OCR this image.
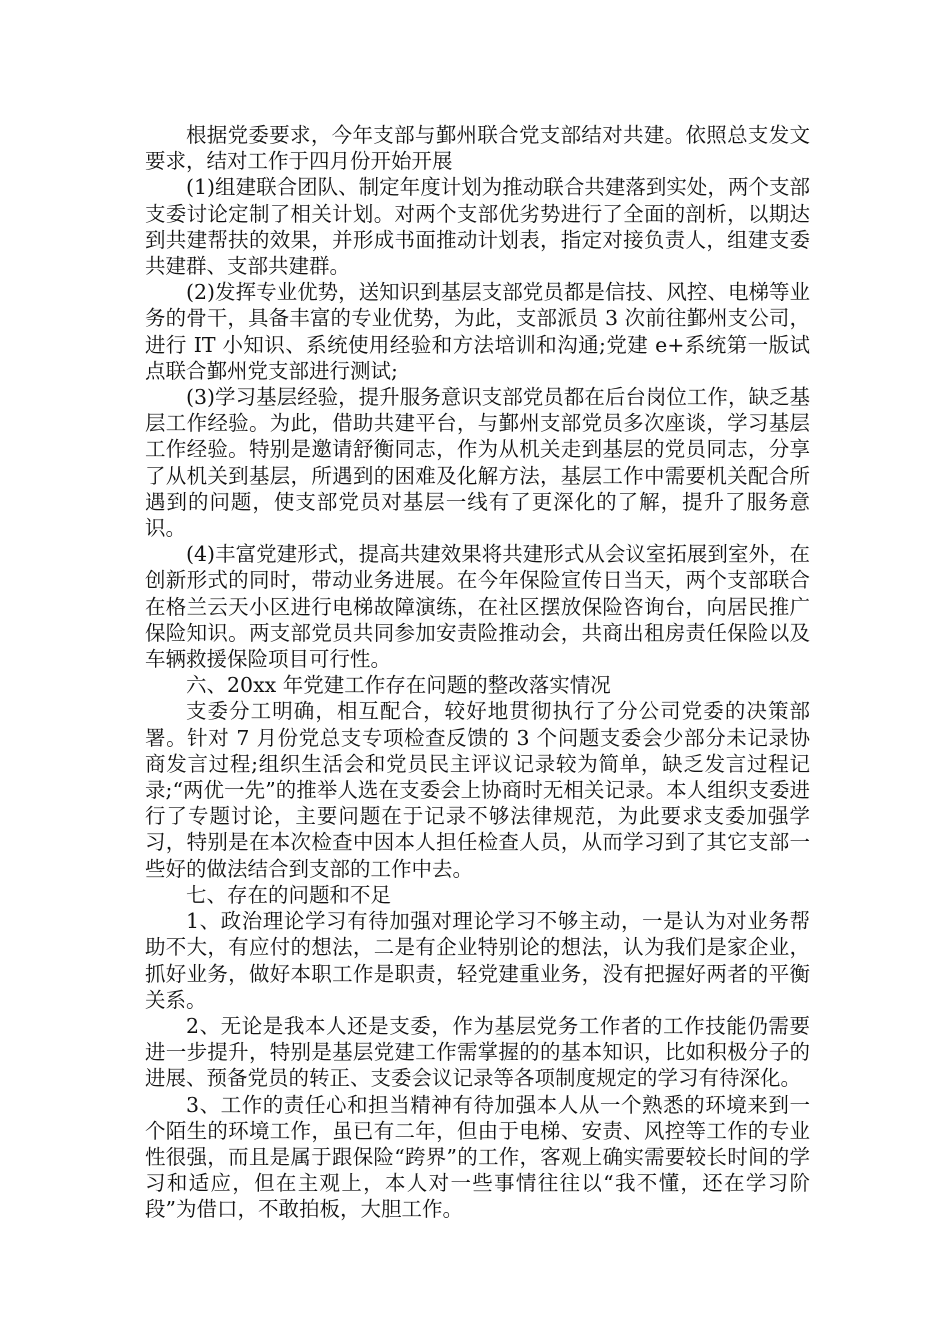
根据党委要求，今年支部与鄞州联合党支部结对共建。依照总支发文要求，结对工作于四月份开始开展

(1)组建联合团队、制定年度计划为推动联合共建落到实处，两个支部支委讨论定制了相关计划。对两个支部优劣势进行了全面的剖析，以期达到共建帮扶的效果，并形成书面推动计划表，指定对接负责人，组建支委共建群、支部共建群。

(2)发挥专业优势，送知识到基层支部党员都是信技、风控、电梯等业务的骨干，具备丰富的专业优势，为此，支部派员 3 次前往鄞州支公司，进行 IT 小知识、系统使用经验和方法培训和沟通;党建 e+系统第一版试点联合鄞州党支部进行测试;

(3)学习基层经验，提升服务意识支部党员都在后台岗位工作，缺乏基层工作经验。为此，借助共建平台，与鄞州支部党员多次座谈，学习基层工作经验。特别是邀请舒衡同志，作为从机关走到基层的党员同志，分享了从机关到基层，所遇到的困难及化解方法，基层工作中需要机关配合所遇到的问题，使支部党员对基层一线有了更深化的了解，提升了服务意识。

(4)丰富党建形式，提高共建效果将共建形式从会议室拓展到室外，在创新形式的同时，带动业务进展。在今年保险宣传日当天，两个支部联合在格兰云天小区进行电梯故障演练，在社区摆放保险咨询台，向居民推广保险知识。两支部党员共同参加安责险推动会，共商出租房责任保险以及车辆救援保险项目可行性。

六、20xx 年党建工作存在问题的整改落实情况

支委分工明确，相互配合，较好地贯彻执行了分公司党委的决策部署。针对 7 月份党总支专项检查反馈的 3 个问题支委会少部分未记录协商发言过程;组织生活会和党员民主评议记录较为简单，缺乏发言过程记录;“两优一先”的推举人选在支委会上协商时无相关记录。本人组织支委进行了专题讨论，主要问题在于记录不够法律规范，为此要求支委加强学习，特别是在本次检查中因本人担任检查人员，从而学习到了其它支部一些好的做法结合到支部的工作中去。

七、存在的问题和不足

1、政治理论学习有待加强对理论学习不够主动，一是认为对业务帮助不大，有应付的想法，二是有企业特别论的想法，认为我们是家企业，抓好业务，做好本职工作是职责，轻党建重业务，没有把握好两者的平衡关系。

2、无论是我本人还是支委，作为基层党务工作者的工作技能仍需要进一步提升，特别是基层党建工作需掌握的的基本知识，比如积极分子的进展、预备党员的转正、支委会议记录等各项制度规定的学习有待深化。

3、工作的责任心和担当精神有待加强本人从一个熟悉的环境来到一个陌生的环境工作，虽已有二年，但由于电梯、安责、风控等工作的专业性很强，而且是属于跟保险“跨界”的工作，客观上确实需要较长时间的学习和适应，但在主观上，本人对一些事情往往以“我不懂，还在学习阶段”为借口，不敢拍板，大胆工作。
